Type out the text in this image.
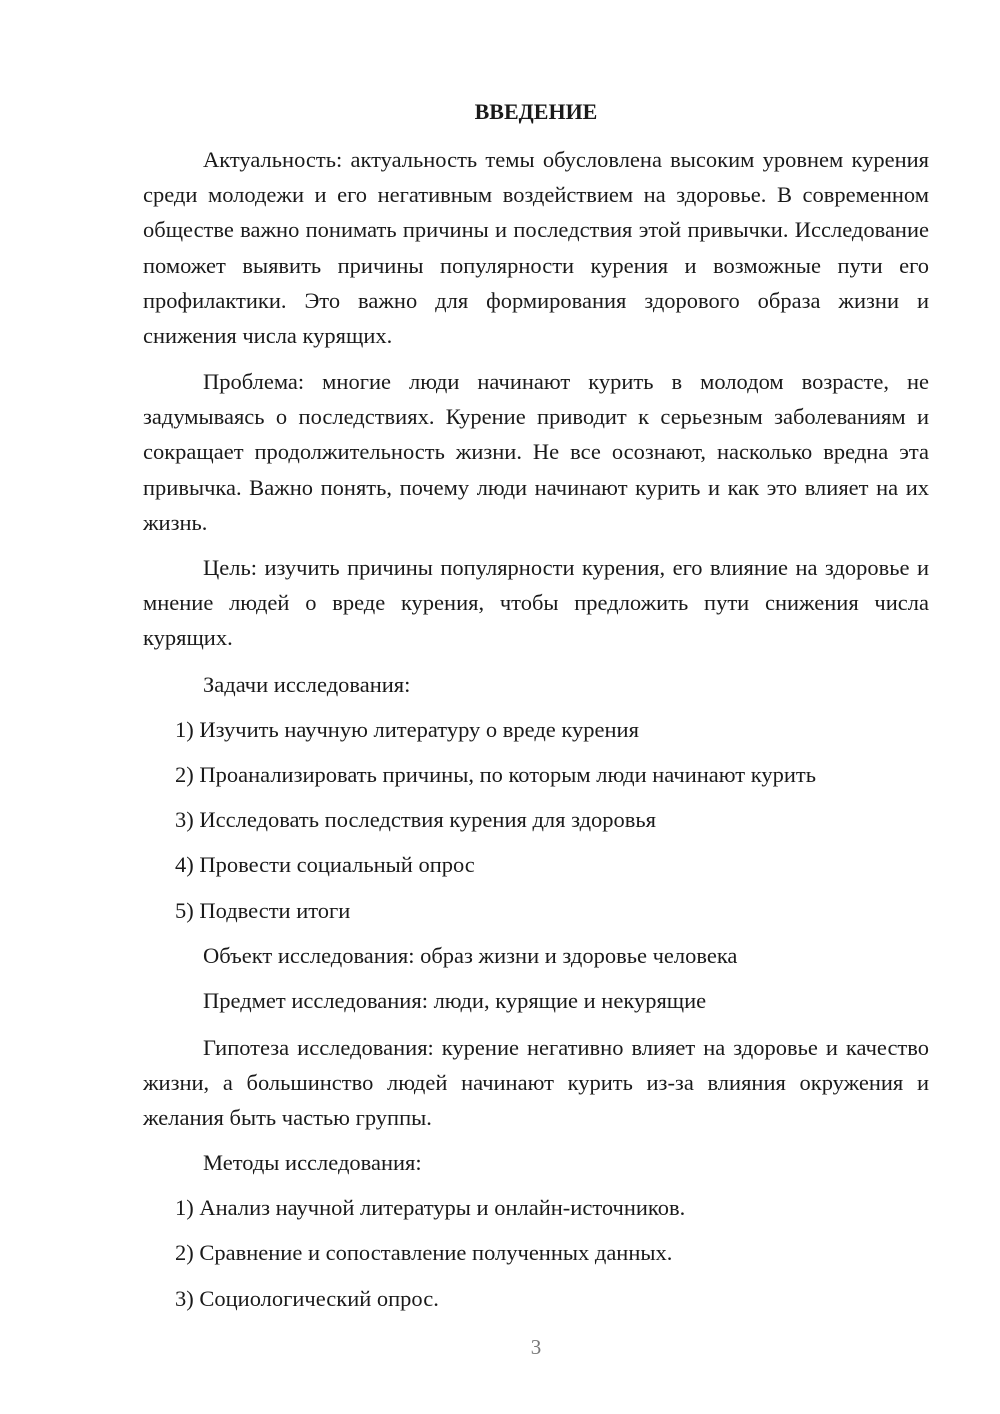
ВВЕДЕНИЕ

Актуальность: актуальность темы обусловлена высоким уровнем курения среди молодежи и его негативным воздействием на здоровье. В современном обществе важно понимать причины и последствия этой привычки. Исследование поможет выявить причины популярности курения и возможные пути его профилактики. Это важно для формирования здорового образа жизни и снижения числа курящих.

Проблема: многие люди начинают курить в молодом возрасте, не задумываясь о последствиях. Курение приводит к серьезным заболеваниям и сокращает продолжительность жизни. Не все осознают, насколько вредна эта привычка. Важно понять, почему люди начинают курить и как это влияет на их жизнь.

Цель: изучить причины популярности курения, его влияние на здоровье и мнение людей о вреде курения, чтобы предложить пути снижения числа курящих.

Задачи исследования:
1) Изучить научную литературу о вреде курения
2) Проанализировать причины, по которым люди начинают курить
3) Исследовать последствия курения для здоровья
4) Провести социальный опрос
5) Подвести итоги
Объект исследования: образ жизни и здоровье человека
Предмет исследования: люди, курящие и некурящие

Гипотеза исследования: курение негативно влияет на здоровье и качество жизни, а большинство людей начинают курить из-за влияния окружения и желания быть частью группы.

Методы исследования:
1) Анализ научной литературы и онлайн-источников.
2) Сравнение и сопоставление полученных данных.
3) Социологический опрос.
3
